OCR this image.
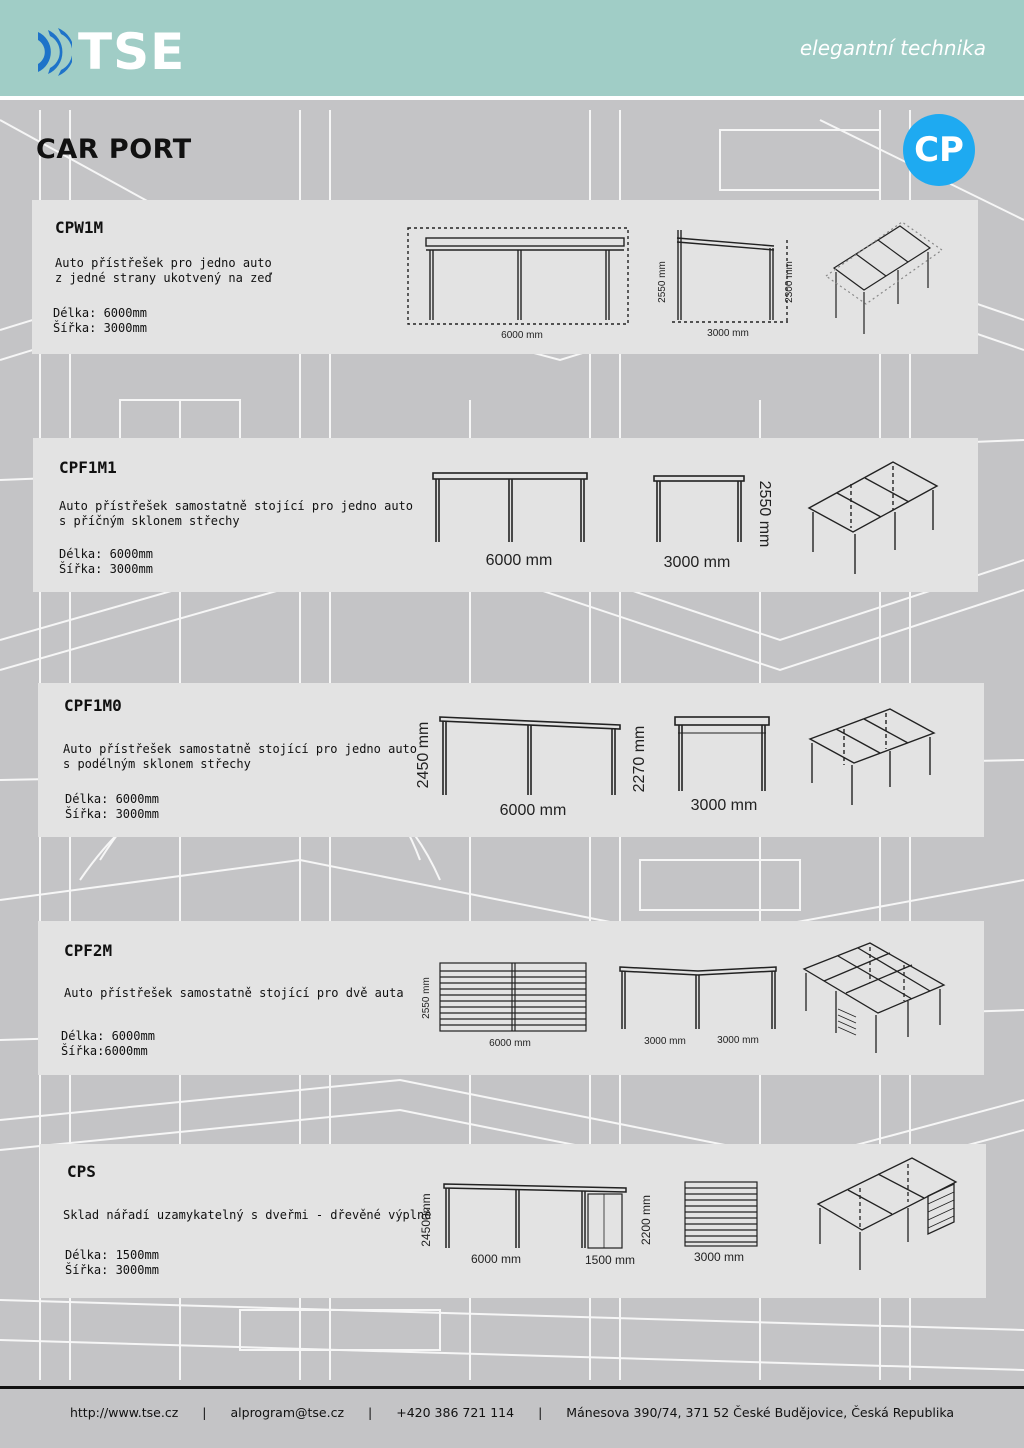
TSE	elegantní technika
CAR PORT	CP
CPW1M
Auto přístřešek pro jedno auto
z jedné strany ukotvený na zeď
Délka: 6000mm
Šířka: 3000mm
6000 mm	3000 mm
2550 mm	2300 mm
CPF1M1
Auto přístřešek samostatně stojící pro jedno auto
s příčným sklonem střechy
Délka: 6000mm
Šířka: 3000mm	6000 mm	3000 mm
2550 mm
CPF1M0
Auto přístřešek samostatně stojící pro jedno auto
s podélným sklonem střechy
Délka: 6000mm
Šířka: 3000mm
2450 mm
6000 mm
2270 mm
3000 mm
CPF2M
Auto přístřešek samostatně stojící pro dvě auta
Délka: 6000mm
Šířka:6000mm
2550 mm
6000 mm	3000 mm	3000 mm
CPS
Sklad nářadí uzamykatelný s dveřmi - dřevěné výplně
Délka: 1500mm
Šířka: 3000mm
24500mm
6000 mm	1500 mm
2200 mm
3000 mm
http://www.tse.cz | alprogram@tse.cz | +420 386 721 114 | Mánesova 390/74, 371 52 České Budějovice, Česká Republika
